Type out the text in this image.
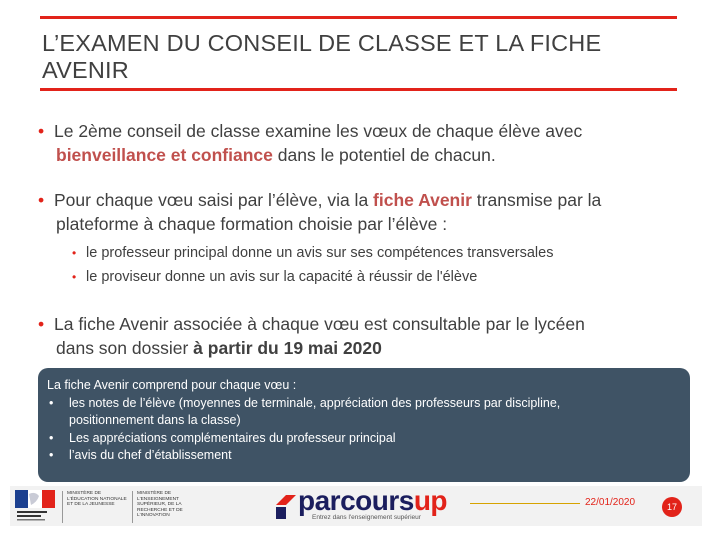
L’EXAMEN DU CONSEIL DE CLASSE ET LA FICHE AVENIR
• Le 2ème conseil de classe examine les vœux de chaque élève avec
bienveillance et confiance dans le potentiel de chacun.
• Pour chaque vœu saisi par l’élève, via la fiche Avenir transmise par la
plateforme à chaque formation choisie par l’élève :
• le professeur principal donne un avis sur ses compétences transversales
• le proviseur donne un avis sur la capacité à réussir de l'élève
• La fiche Avenir associée à chaque vœu est consultable par le lycéen
dans son dossier à partir du 19 mai 2020
La fiche Avenir comprend pour chaque vœu :
• les notes de l’élève (moyennes de terminale, appréciation des professeurs par discipline,
positionnement dans la classe)
• Les appréciations complémentaires du professeur principal
• l’avis du chef d’établissement
MINISTÈRE DE L'ÉDUCATION NATIONALE ET DE LA JEUNESSE
MINISTÈRE DE L'ENSEIGNEMENT SUPÉRIEUR, DE LA RECHERCHE ET DE L'INNOVATION	parcoursup
Entrez dans l'enseignement supérieur
22/01/2020	17
